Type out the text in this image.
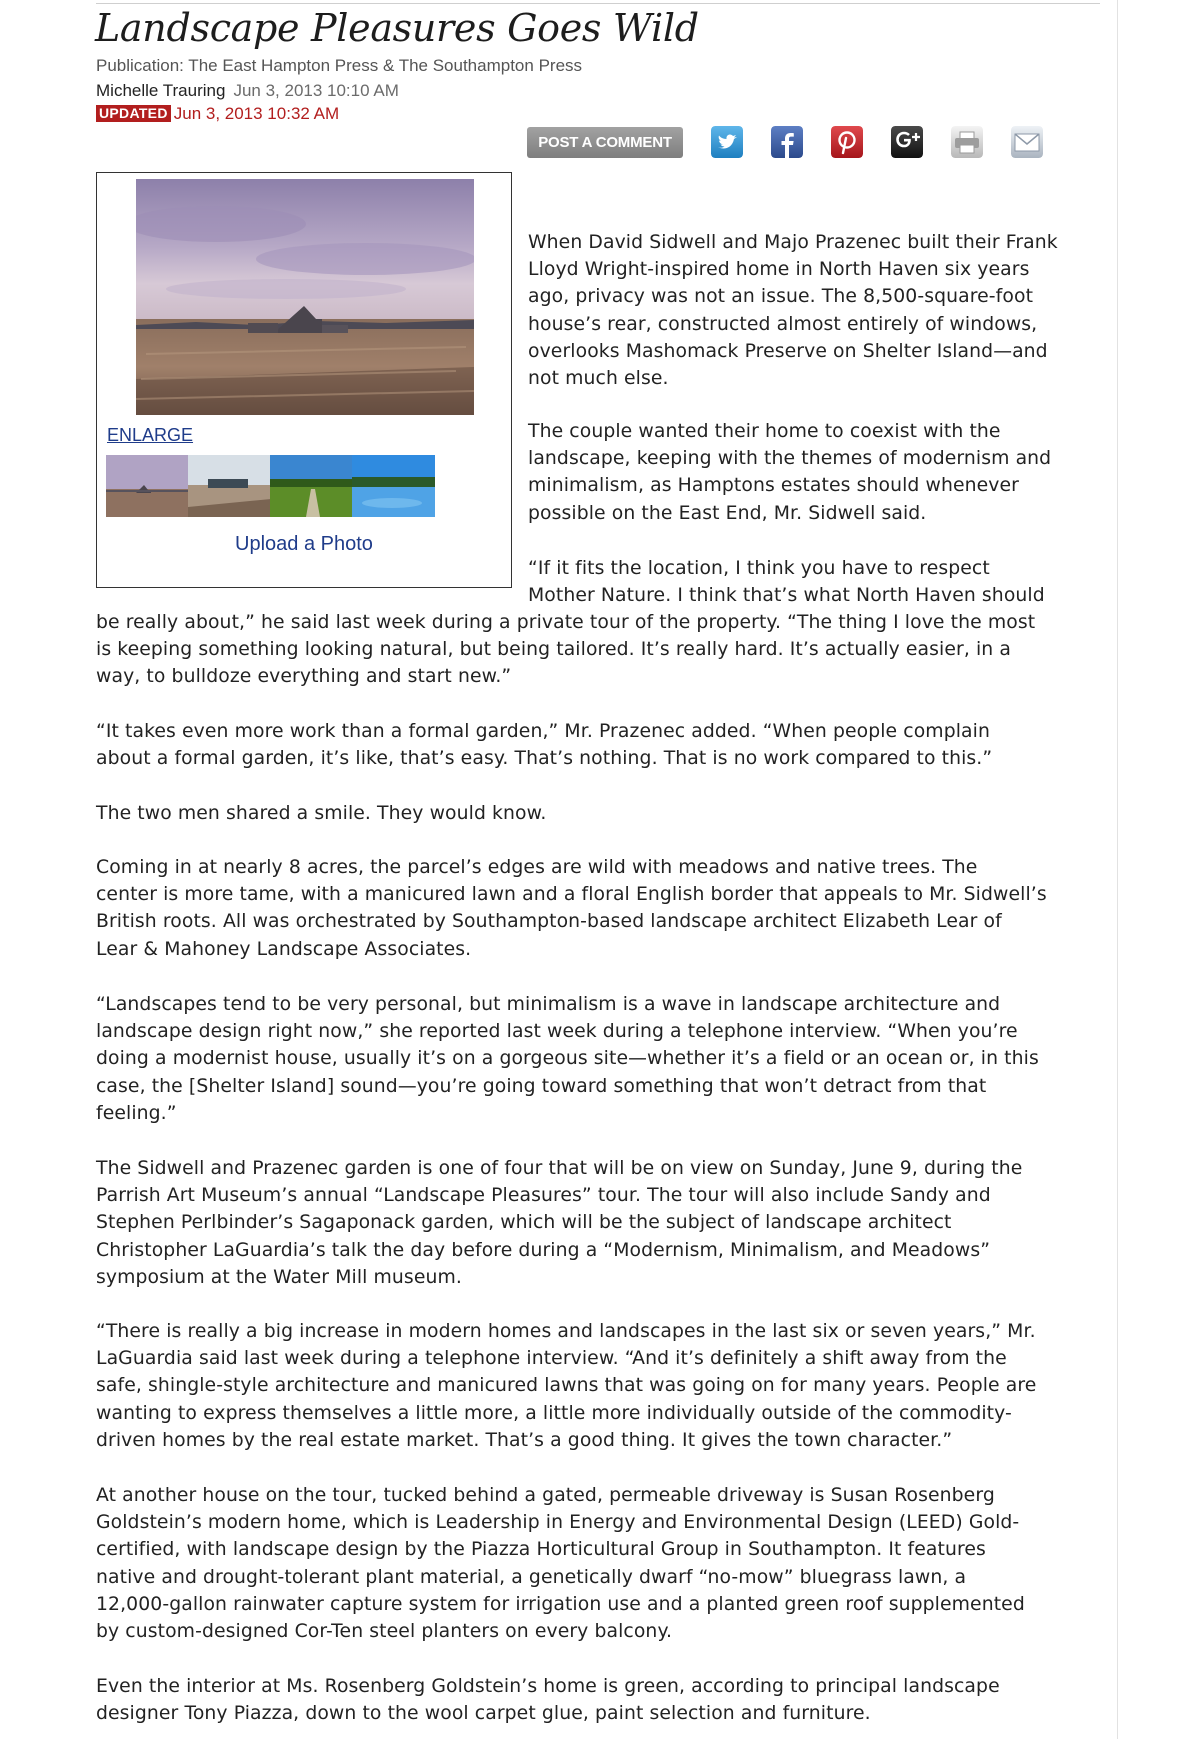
Landscape Pleasures Goes Wild
Publication: The East Hampton Press & The Southampton Press
Michelle Trauring Jun 3, 2013 10:10 AM
UPDATED Jun 3, 2013 10:32 AM
POST A COMMENT
ENLARGE
Upload a Photo
When David Sidwell and Majo Prazenec built their Frank
Lloyd Wright-inspired home in North Haven six years
ago, privacy was not an issue. The 8,500-square-foot
house’s rear, constructed almost entirely of windows,
overlooks Mashomack Preserve on Shelter Island—and
not much else.
The couple wanted their home to coexist with the
landscape, keeping with the themes of modernism and
minimalism, as Hamptons estates should whenever
possible on the East End, Mr. Sidwell said.
“If it fits the location, I think you have to respect
Mother Nature. I think that’s what North Haven should
be really about,” he said last week during a private tour of the property. “The thing I love the most
is keeping something looking natural, but being tailored. It’s really hard. It’s actually easier, in a
way, to bulldoze everything and start new.”
“It takes even more work than a formal garden,” Mr. Prazenec added. “When people complain
about a formal garden, it’s like, that’s easy. That’s nothing. That is no work compared to this.”
The two men shared a smile. They would know.
Coming in at nearly 8 acres, the parcel’s edges are wild with meadows and native trees. The
center is more tame, with a manicured lawn and a floral English border that appeals to Mr. Sidwell’s
British roots. All was orchestrated by Southampton-based landscape architect Elizabeth Lear of
Lear & Mahoney Landscape Associates.
“Landscapes tend to be very personal, but minimalism is a wave in landscape architecture and
landscape design right now,” she reported last week during a telephone interview. “When you’re
doing a modernist house, usually it’s on a gorgeous site—whether it’s a field or an ocean or, in this
case, the [Shelter Island] sound—you’re going toward something that won’t detract from that
feeling.”
The Sidwell and Prazenec garden is one of four that will be on view on Sunday, June 9, during the
Parrish Art Museum’s annual “Landscape Pleasures” tour. The tour will also include Sandy and
Stephen Perlbinder’s Sagaponack garden, which will be the subject of landscape architect
Christopher LaGuardia’s talk the day before during a “Modernism, Minimalism, and Meadows”
symposium at the Water Mill museum.
“There is really a big increase in modern homes and landscapes in the last six or seven years,” Mr.
LaGuardia said last week during a telephone interview. “And it’s definitely a shift away from the
safe, shingle-style architecture and manicured lawns that was going on for many years. People are
wanting to express themselves a little more, a little more individually outside of the commodity-
driven homes by the real estate market. That’s a good thing. It gives the town character.”
At another house on the tour, tucked behind a gated, permeable driveway is Susan Rosenberg
Goldstein’s modern home, which is Leadership in Energy and Environmental Design (LEED) Gold-
certified, with landscape design by the Piazza Horticultural Group in Southampton. It features
native and drought-tolerant plant material, a genetically dwarf “no-mow” bluegrass lawn, a
12,000-gallon rainwater capture system for irrigation use and a planted green roof supplemented
by custom-designed Cor-Ten steel planters on every balcony.
Even the interior at Ms. Rosenberg Goldstein’s home is green, according to principal landscape
designer Tony Piazza, down to the wool carpet glue, paint selection and furniture.
